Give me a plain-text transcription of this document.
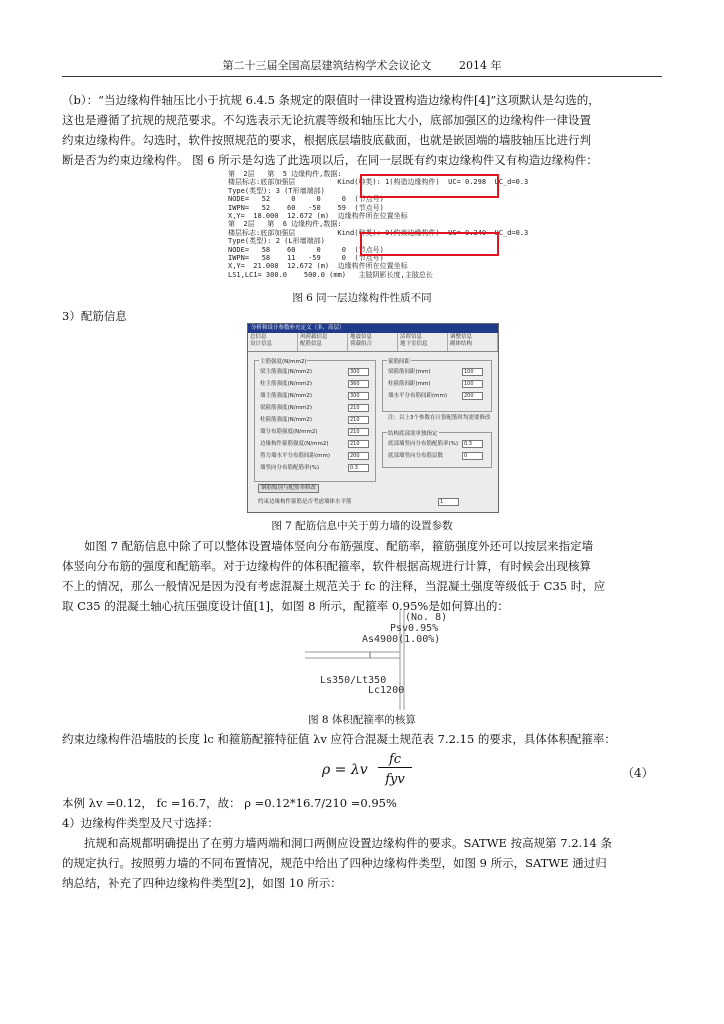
第二十三届全国高层建筑结构学术会议论文	2014 年
（b）：“当边缘构件轴压比小于抗规 6.4.5 条规定的限值时一律设置构造边缘构件[4]”这项默认是勾选的，
这也是遵循了抗规的规范要求。不勾选表示无论抗震等级和轴压比大小，底部加强区的边缘构件一律设置
约束边缘构件。勾选时，软件按照规范的要求，根据底层墙肢底截面，也就是嵌固端的墙肢轴压比进行判
断是否为约束边缘构件。 图 6 所示是勾选了此选项以后，在同一层既有约束边缘构件又有构造边缘构件：
第  2层   第  5 边缘构件,数据:
楼层标志:底部加强层          Kind(种类): 1(构造边缘构件)  UC= 0.298  UC_d=0.3
Type(类型): 3 (T形墙端部)
NODE=   52     0     0     0  (节点号)
IWPN=   52    60   -50    59  (节点号)
X,Y=  18.000  12.672 (m)  边缘构件所在位置坐标
第  2层   第  6 边缘构件,数据:
楼层标志:底部加强层          Kind(种类): 0(约束边缘构件)  UC= 0.340  UC_d=0.3
Type(类型): 2 (L形墙端部)
NODE=   58    60     0     0  (节点号)
IWPN=   58    11   -59     0  (节点号)
X,Y=  21.000  12.672 (m)  边缘构件所在位置坐标
LS1,LC1= 300.0    500.0 (mm)   主肢阴影长度,主肢总长
图 6 同一层边缘构件性质不同
3）配筋信息
分析和设计参数补充定义（多、高层）
总信息
设计信息
风荷载信息
配筋信息
地震信息
荷载组合
活荷信息
地下室信息
调整信息
砌体结构
主筋强度(N/mm2)
梁主筋强度(N/mm2)	300
柱主筋强度(N/mm2)	360
墙主筋强度(N/mm2)	300
梁箍筋强度(N/mm2)	210
柱箍筋强度(N/mm2)	210
墙分布筋强度(N/mm2)	210
边缘构件箍筋强度(N/mm2)	210
剪力墙水平分布筋间距(mm)	200
墙竖向分布筋配筋率(%)	0.3
箍筋间距
梁箍筋间距(mm)	100
柱箍筋间距(mm)	100
墙水平分布筋间距(mm)	200
注：以上3个参数在计算配筋时均需要修改
结构底部需单独指定
底部墙竖向分布筋配筋率(%)	0.3
底部墙竖向分布筋层数	0
钢筋级别与配筋率修改
约束边缘构件箍筋是否考虑墙体水平筋	1
图 7 配筋信息中关于剪力墙的设置参数
如图 7 配筋信息中除了可以整体设置墙体竖向分布筋强度、配筋率，箍筋强度外还可以按层来指定墙
体竖向分布筋的强度和配筋率。对于边缘构件的体积配箍率，软件根据高规进行计算，有时候会出现核算
不上的情况，那么一般情况是因为没有考虑混凝土规范关于 fc 的注释，当混凝土强度等级低于 C35 时，应
取 C35 的混凝土轴心抗压强度设计值[1]，如图 8 所示，配箍率 0.95%是如何算出的：
(No. 8)
Psv0.95%
As4900(1.00%)
Ls350/Lt350
Lc1200
图 8 体积配箍率的核算
约束边缘构件沿墙肢的长度 lc 和箍筋配箍特征值 λv 应符合混凝土规范表 7.2.15 的要求，具体体积配箍率：
ρ = λv
fc
fyv	（4）
本例 λv =0.12， fc =16.7，故： ρ =0.12*16.7/210 =0.95%
4）边缘构件类型及尺寸选择：
抗规和高规都明确提出了在剪力墙两端和洞口两侧应设置边缘构件的要求。SATWE 按高规第 7.2.14 条
的规定执行。按照剪力墙的不同布置情况，规范中给出了四种边缘构件类型，如图 9 所示，SATWE 通过归
纳总结，补充了四种边缘构件类型[2]，如图 10 所示：
